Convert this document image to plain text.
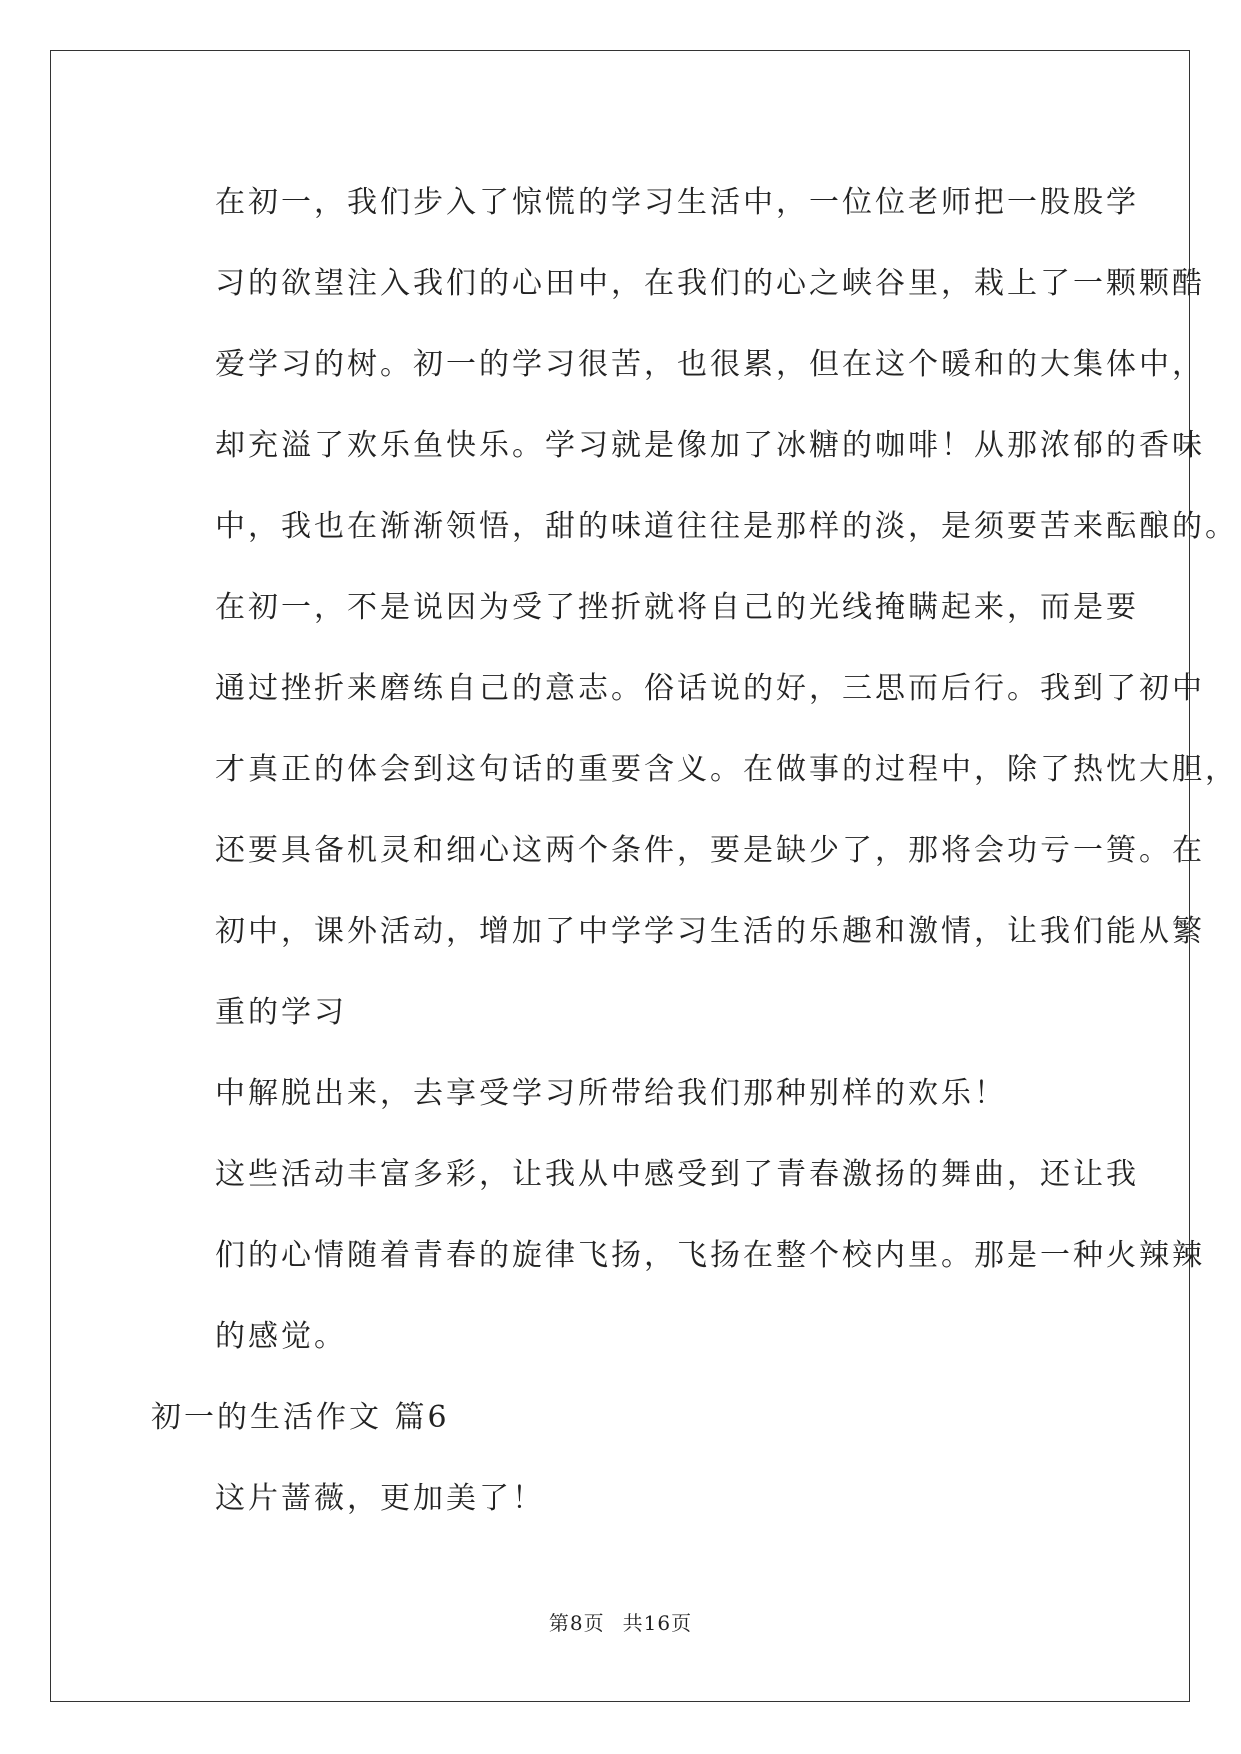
在初一，我们步入了惊慌的学习生活中，一位位老师把一股股学
习的欲望注入我们的心田中，在我们的心之峡谷里，栽上了一颗颗酷
爱学习的树。初一的学习很苦，也很累，但在这个暖和的大集体中，
却充溢了欢乐鱼快乐。学习就是像加了冰糖的咖啡！从那浓郁的香味
中，我也在渐渐领悟，甜的味道往往是那样的淡，是须要苦来酝酿的。
在初一，不是说因为受了挫折就将自己的光线掩瞒起来，而是要
通过挫折来磨练自己的意志。俗话说的好，三思而后行。我到了初中
才真正的体会到这句话的重要含义。在做事的过程中，除了热忱大胆，
还要具备机灵和细心这两个条件，要是缺少了，那将会功亏一篑。在
初中，课外活动，增加了中学学习生活的乐趣和激情，让我们能从繁
重的学习
中解脱出来，去享受学习所带给我们那种别样的欢乐！
这些活动丰富多彩，让我从中感受到了青春激扬的舞曲，还让我
们的心情随着青春的旋律飞扬，飞扬在整个校内里。那是一种火辣辣
的感觉。
初一的生活作文 篇6
这片蔷薇，更加美了！
第8页 共16页
